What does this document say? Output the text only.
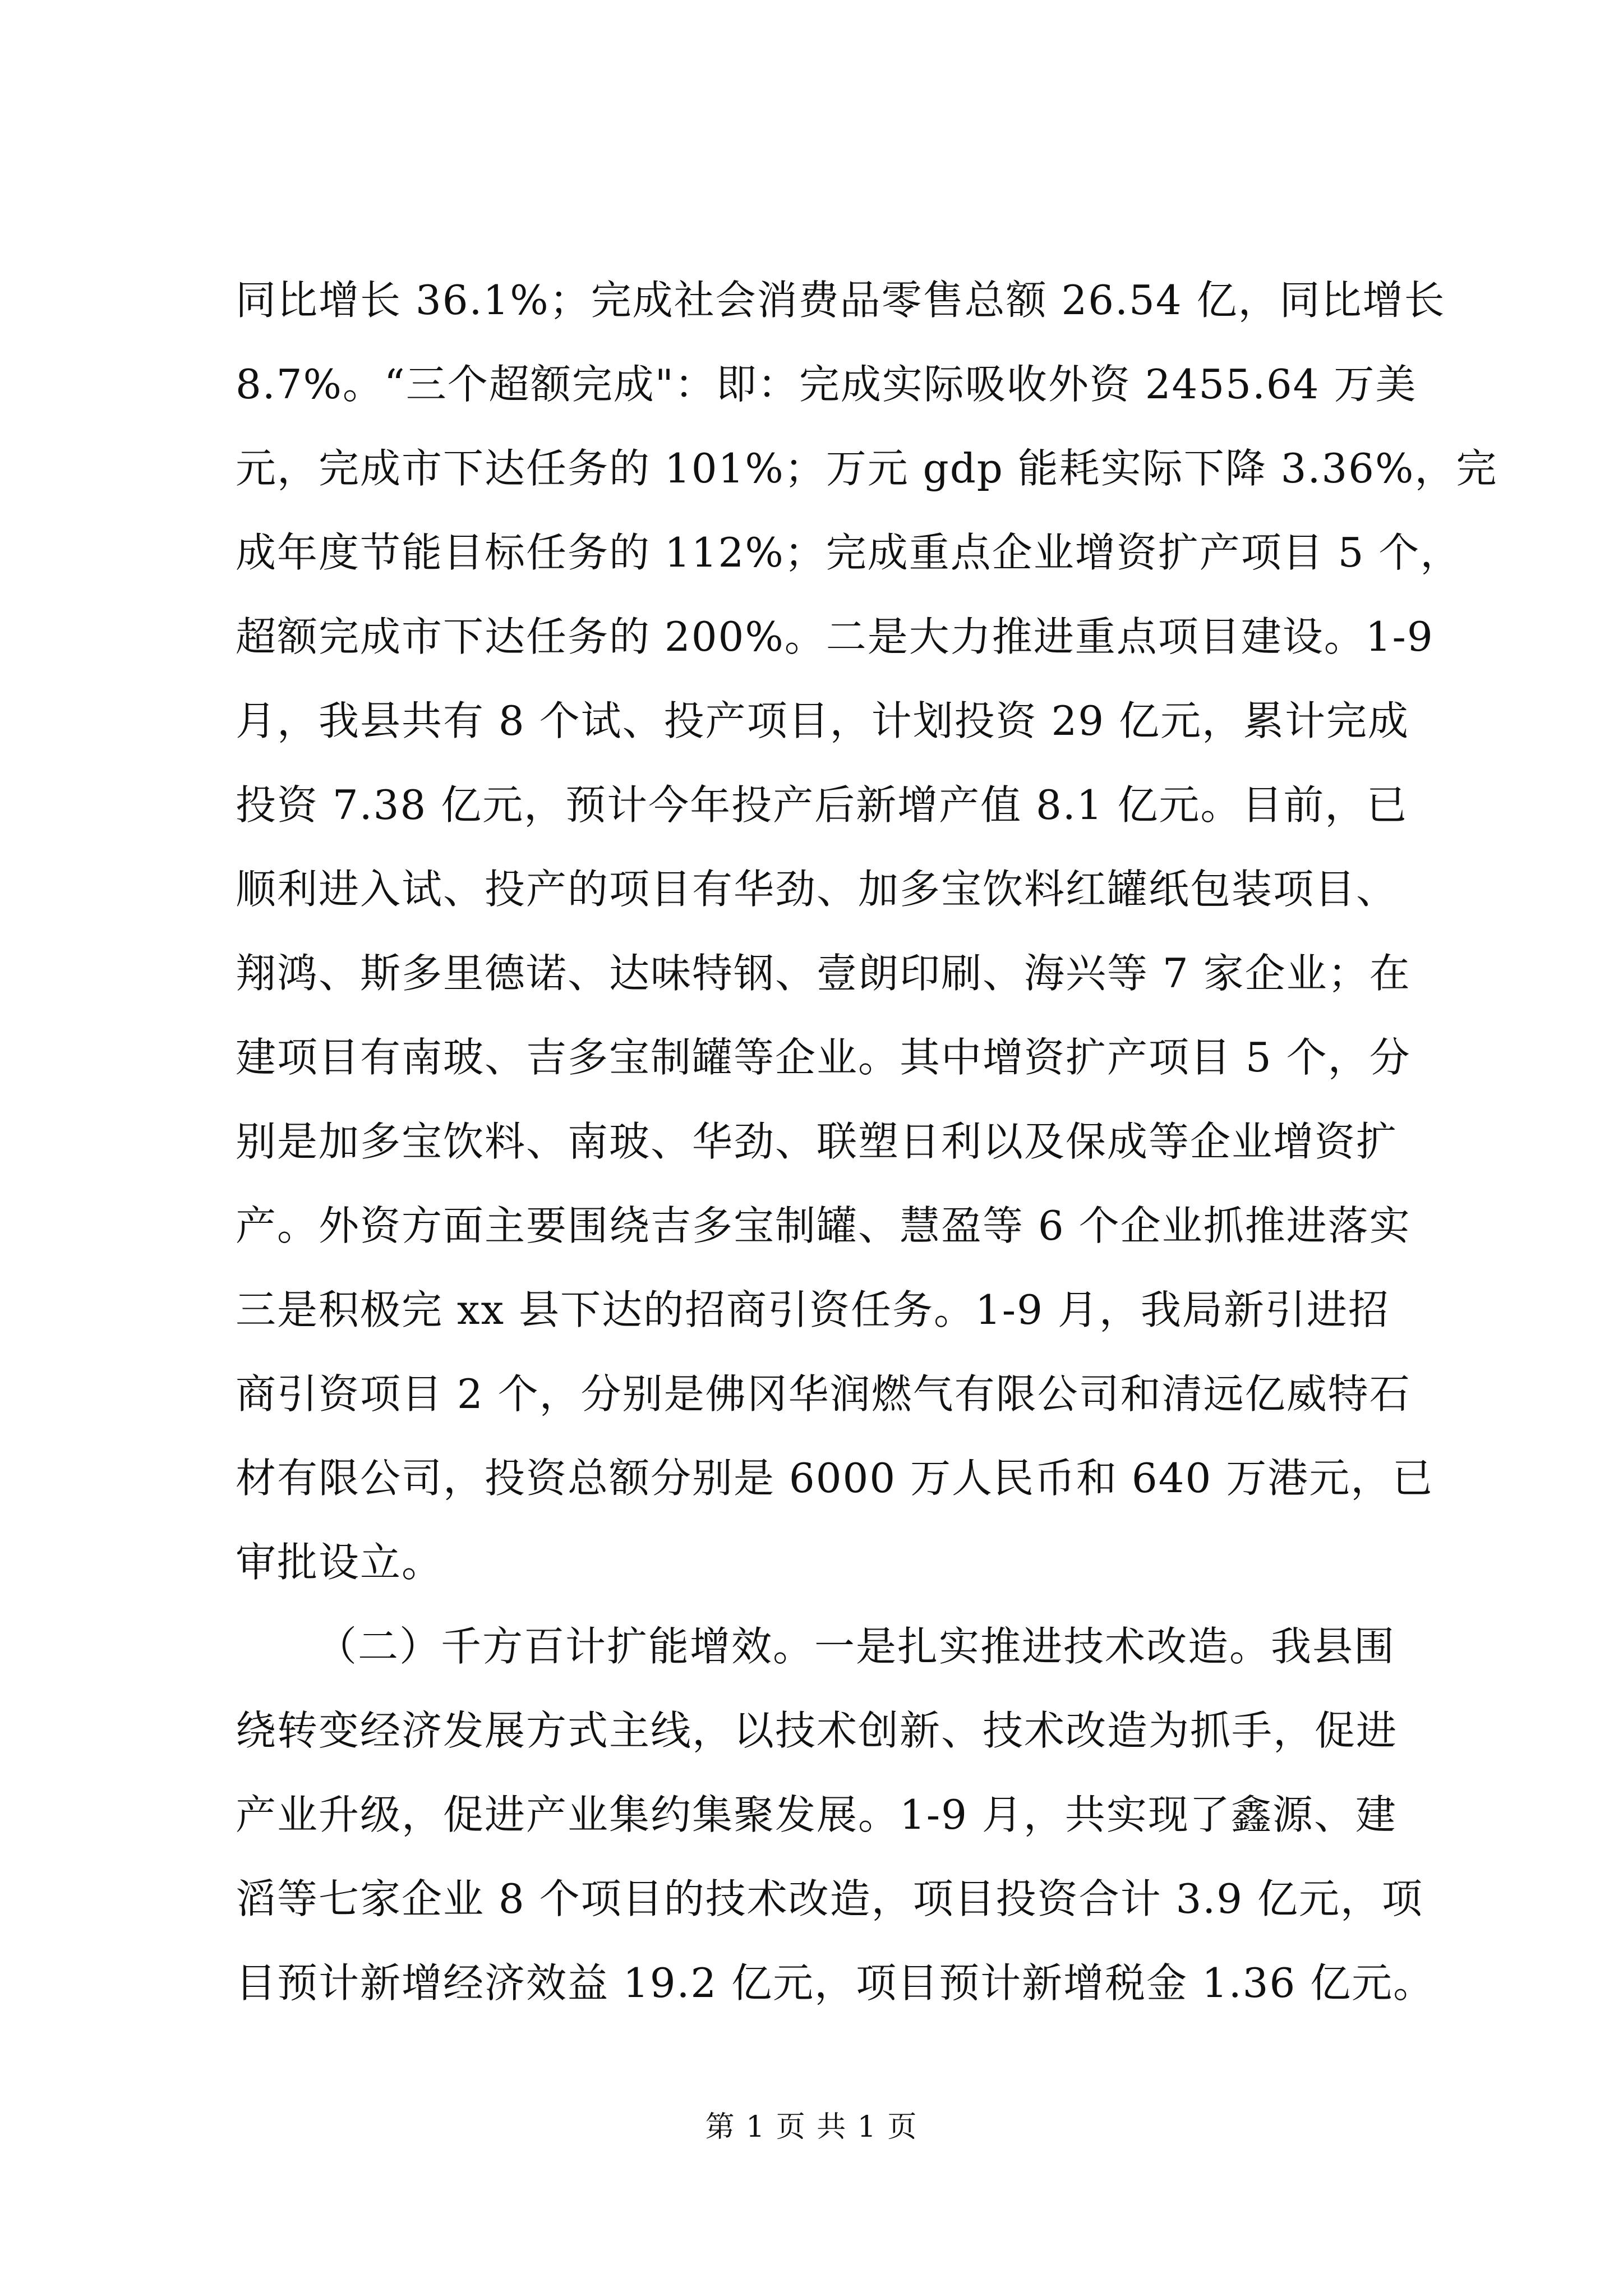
同比增长 36.1%；完成社会消费品零售总额 26.54 亿，同比增长
8.7%。“三个超额完成"：即：完成实际吸收外资 2455.64 万美
元，完成市下达任务的 101%；万元 gdp 能耗实际下降 3.36%，完
成年度节能目标任务的 112%；完成重点企业增资扩产项目 5 个，
超额完成市下达任务的 200%。二是大力推进重点项目建设。1-9
月，我县共有 8 个试、投产项目，计划投资 29 亿元，累计完成
投资 7.38 亿元，预计今年投产后新增产值 8.1 亿元。目前，已
顺利进入试、投产的项目有华劲、加多宝饮料红罐纸包装项目、
翔鸿、斯多里德诺、达味特钢、壹朗印刷、海兴等 7 家企业；在
建项目有南玻、吉多宝制罐等企业。其中增资扩产项目 5 个，分
别是加多宝饮料、南玻、华劲、联塑日利以及保成等企业增资扩
产。外资方面主要围绕吉多宝制罐、慧盈等 6 个企业抓推进落实
三是积极完 xx 县下达的招商引资任务。1-9 月，我局新引进招
商引资项目 2 个，分别是佛冈华润燃气有限公司和清远亿威特石
材有限公司，投资总额分别是 6000 万人民币和 640 万港元，已
审批设立。

（二）千方百计扩能增效。一是扎实推进技术改造。我县围
绕转变经济发展方式主线，以技术创新、技术改造为抓手，促进
产业升级，促进产业集约集聚发展。1-9 月，共实现了鑫源、建
滔等七家企业 8 个项目的技术改造，项目投资合计 3.9 亿元，项
目预计新增经济效益 19.2 亿元，项目预计新增税金 1.36 亿元。

第 1 页 共 1 页
